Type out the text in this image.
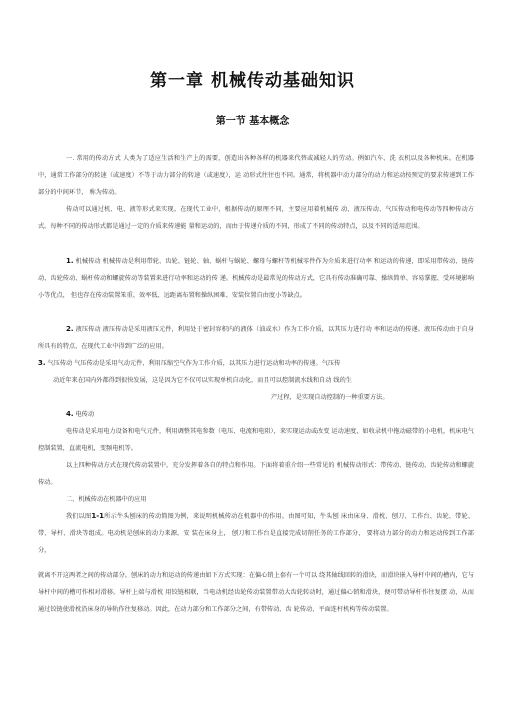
第一章 机械传动基础知识
第一节 基本概念
一. 常用的传动方式 人类为了适应生活和生产上的需要，创造出各种各样的机器来代替或减轻人的劳动。例如汽车、洗 衣机以及各种机床。在机器中，通常工作部分的转速（或速度）不等于动力部分的转速（或速度），运 动形式往往也不同。通常，将机器中动力部分的动力和运动按预定的要求传递到工作部分的中间环节， 称为传动。
传动可以通过机、电、液等形式来实现。在现代工业中，根据传动的原理不同，主要应用着机械传 动、液压传动、气压传动和电传动等四种传动方式。每种不同的传动形式都是通过一定的介质来传递能 量和运动的，而由于传递介质的不同，形成了不同的传动特点，以及不同的适用范围。
1. 机械传动 机械传动是利用带轮、齿轮、链轮、轴、蜗杆与蜗轮、螺母与螺杆等机械零件作为介质来进行功率 和运动的传递，即采用带传动、链传动、齿轮传动、蜗杆传动和螺旋传动等装置来进行功率和运动的传 递。机械传动是最常见的传动方式，它具有传动准确可靠、操纵简单、容易掌握、受环境影响小等优点， 但也存在传动装置笨重、效率低、远距离布置和操纵困难、安装位置自由度小等缺点。
2. 液压传动 液压传动是采用液压元件，利用处于密封容积内的液体（油或水）作为工作介质，以其压力进行功 率和运动的传递。液压传动由于自身所具有的特点，在现代工业中得到广泛的应用。
3. 气压传动 气压传动是采用气动元件，利用压缩空气作为工作介质，以其压力进行运动和功率的传递。气压传
动近年来在国内外都得到很快发展，这是因为它不仅可以实现单机自动化，而且可以控制流水线和自动 线的生
产过程，是实现自动控制的一种重要方法。
4. 电传动
电传动是采用电力设备和电气元件，利用调整其电参数（电压、电流和电阻），来实现运动或改变 运动速度，如收录机中拖动磁带的小电机，机床电气控制装置，直流电机，变频电机等。
以上四种传动方式在现代传动装置中，充分发挥着各自的特点和作用。下面将着重介绍一些常见的 机械传动形式：带传动、链传动、齿轮传动和螺旋传动。
二、机械传动在机器中的应用
我们以图1-1所示牛头刨床的传动简图为例，来说明机械传动在机器中的作用。由图可知，牛头刨 床由床身、滑枕、刨刀、工作台、齿轮、带轮、带、导杆、滑块等组成。电动机是刨床的动力来源，安 装在床身上， 刨刀和工作台是直接完成切削任务的工作部分， 要将动力部分的动力和运动传到工作部分，
就离不开这两者之间的传动部分。刨床的动力和运动的传递由如下方式实现：在偏心销上套有一个可以 绕其轴线回转的滑块，而滑块嵌入导杆中间的槽内，它与导杆中间的槽可作相对滑移。导杆上端与滑枕 用铰链相联，当电动机经齿轮传动装置带动大齿轮转动时，通过偏心销和滑块，便可带动导杆作往复摆 动，从而通过铰链使滑枕沿床身的导轨作往复移动。因此，在动力部分和工作部分之间，有带传动、齿 轮传动、平面连杆机构等传动装置。
